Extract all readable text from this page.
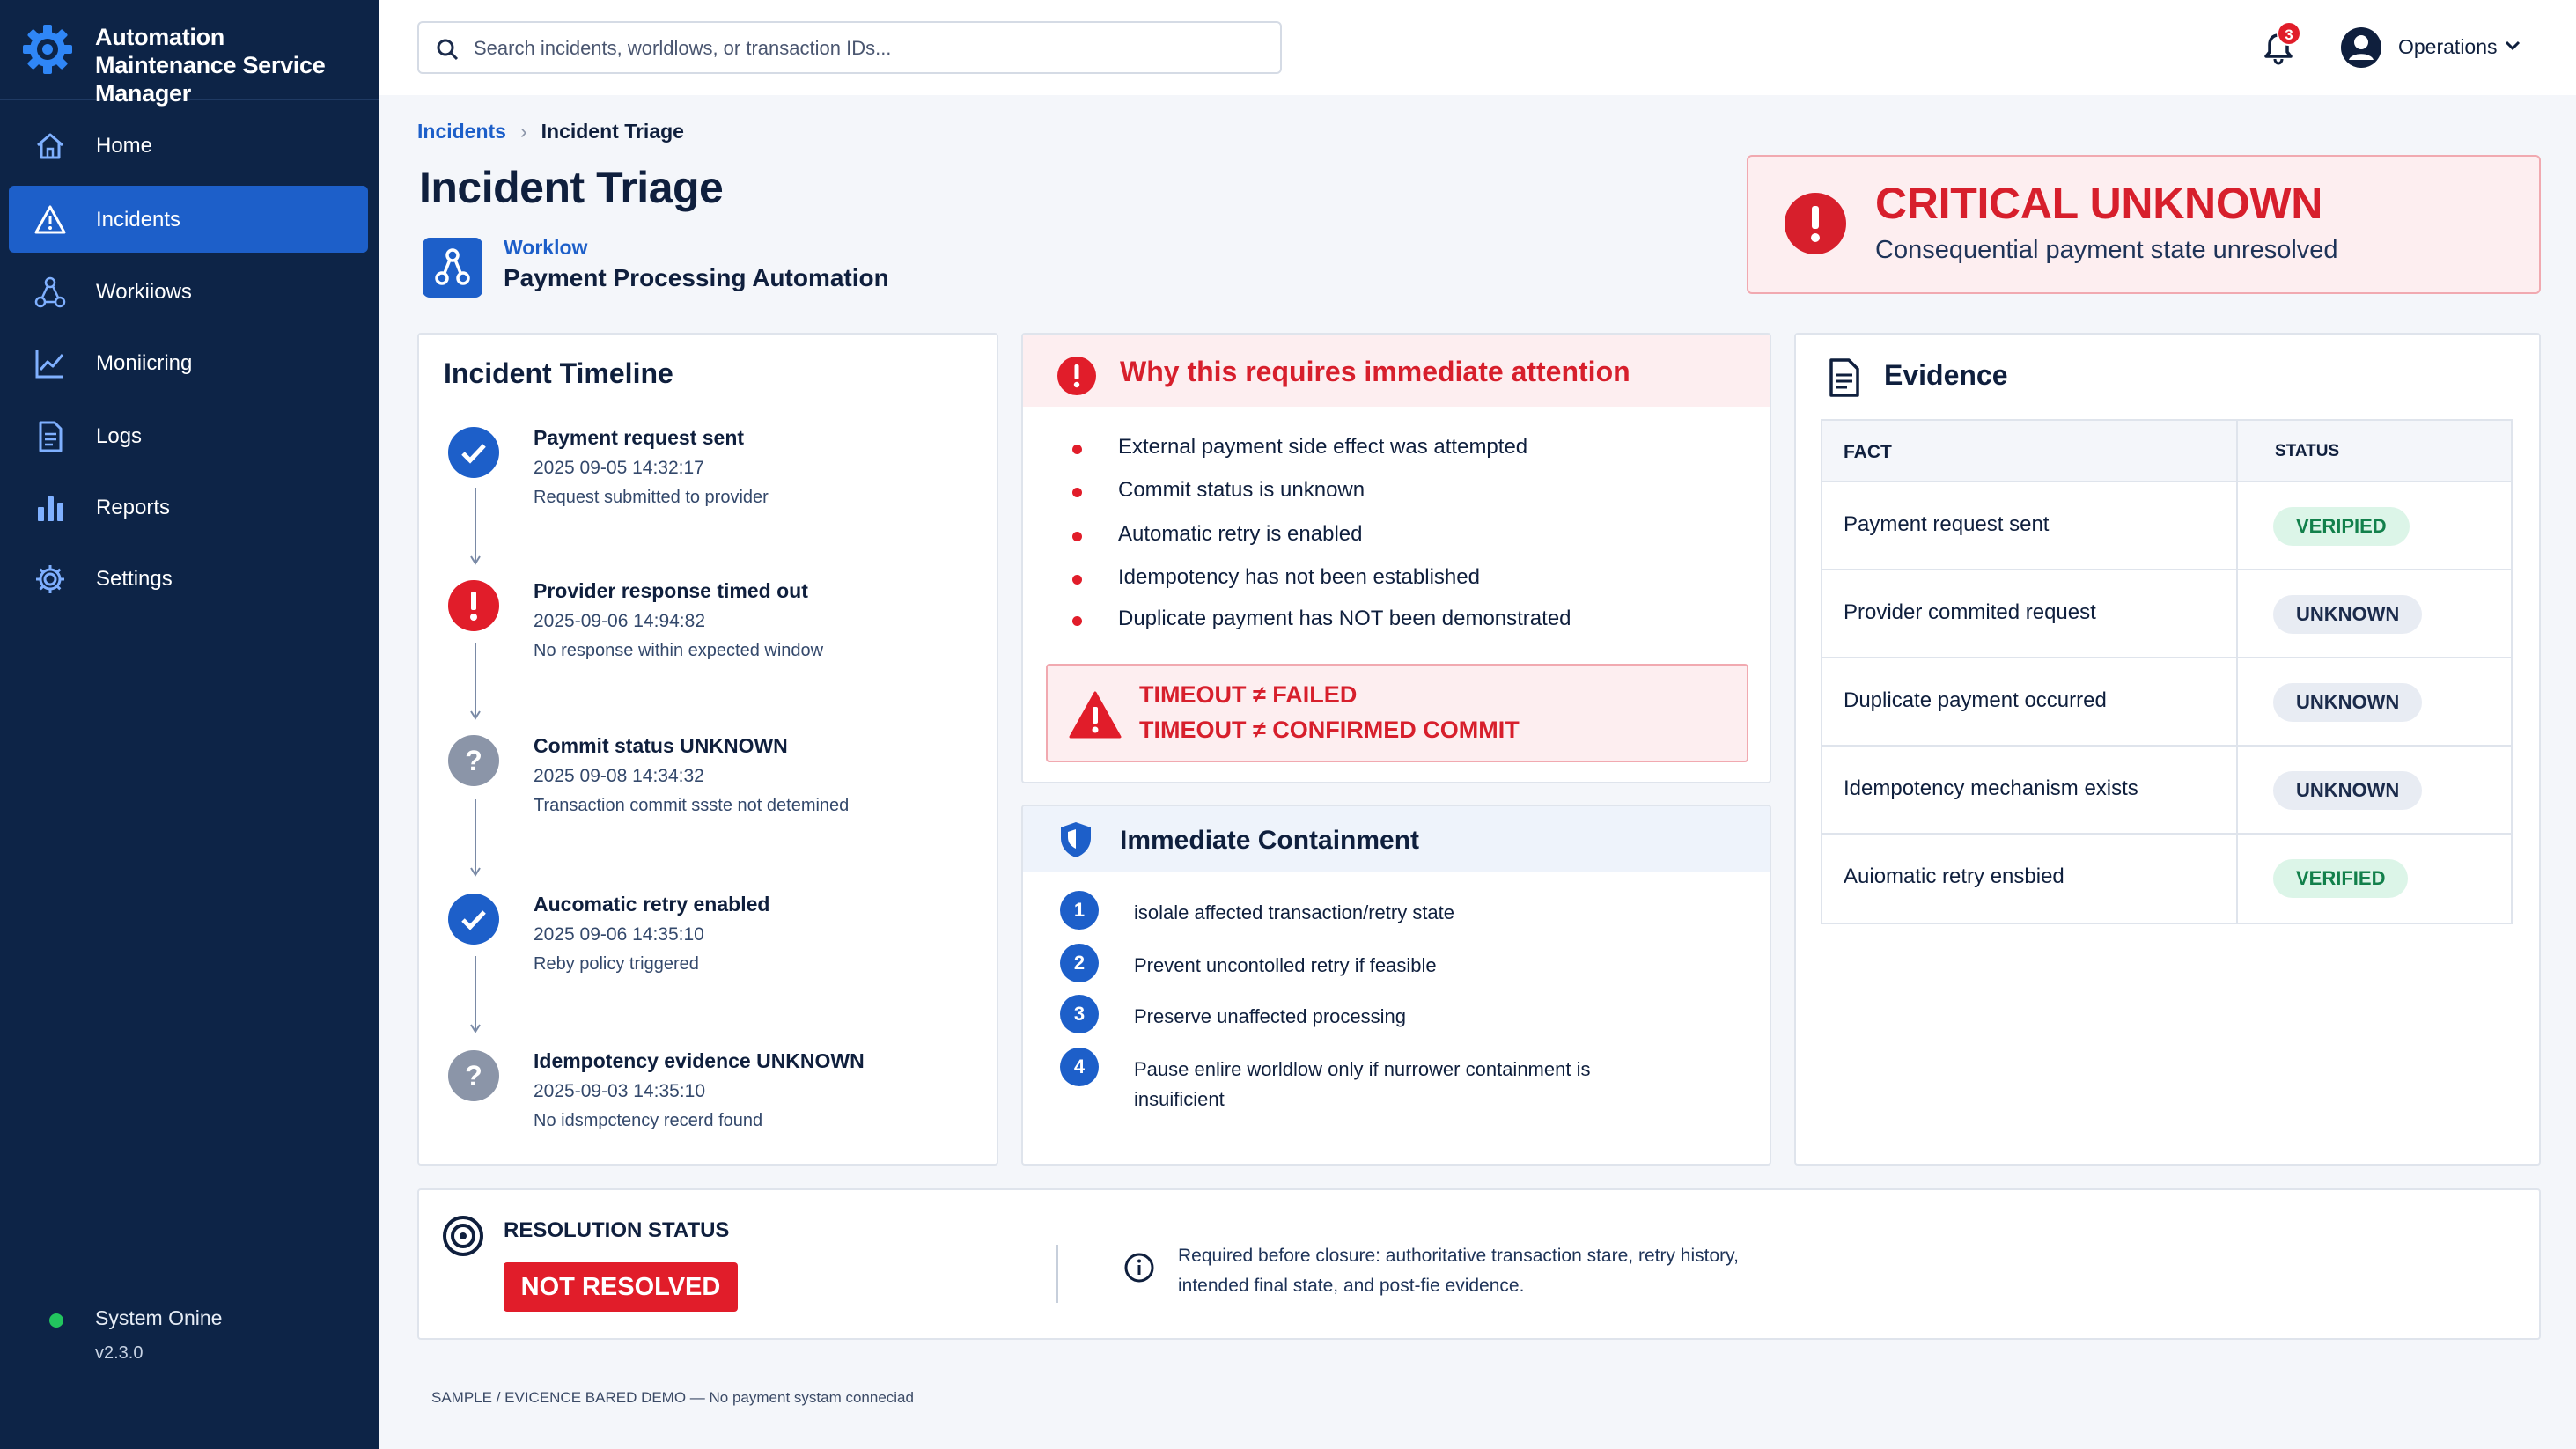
Automation Maintenance Service Manager
Home
Incidents
Workiiows
Moniicring
Logs
Reports
Settings
System Onine
v2.3.0
Search incidents, worldlows, or transaction IDs...
3
Operations
Incidents › Incident Triage
Incident Triage
Worklow
Payment Processing Automation
CRITICAL UNKNOWN
Consequential payment state unresolved
Incident Timeline
Payment request sent
2025 09-05 14:32:17
Request submitted to provider
Provider response timed out
2025-09-06 14:94:82
No response within expected window
?	Commit status UNKNOWN
2025 09-08 14:34:32
Transaction commit ssste not detemined
Aucomatic retry enabled
2025 09-06 14:35:10
Reby policy triggered
?	Idempotency evidence UNKNOWN
2025-09-03 14:35:10
No idsmpctency recerd found
Why this requires immediate attention
External payment side effect was attempted
Commit status is unknown
Automatic retry is enabled
Idempotency has not been established
Duplicate payment has NOT been demonstrated
TIMEOUT ≠ FAILED
TIMEOUT ≠ CONFIRMED COMMIT
Immediate Containment
1	isolale affected transaction/retry state
2	Prevent uncontolled retry if feasible
3	Preserve unaffected processing
4	Pause enlire worldlow only if nurrower containment is insuificient
Evidence
FACT	STATUS
Payment request sent	VERIPIED
Provider commited request	UNKNOWN
Duplicate payment occurred	UNKNOWN
Idempotency mechanism exists	UNKNOWN
Auiomatic retry ensbied	VERIFIED
RESOLUTION STATUS
NOT RESOLVED
Required before closure: authoritative transaction stare, retry history, intended final state, and post-fie evidence.
SAMPLE / EVICENCE BARED DEMO — No payment systam conneciad
